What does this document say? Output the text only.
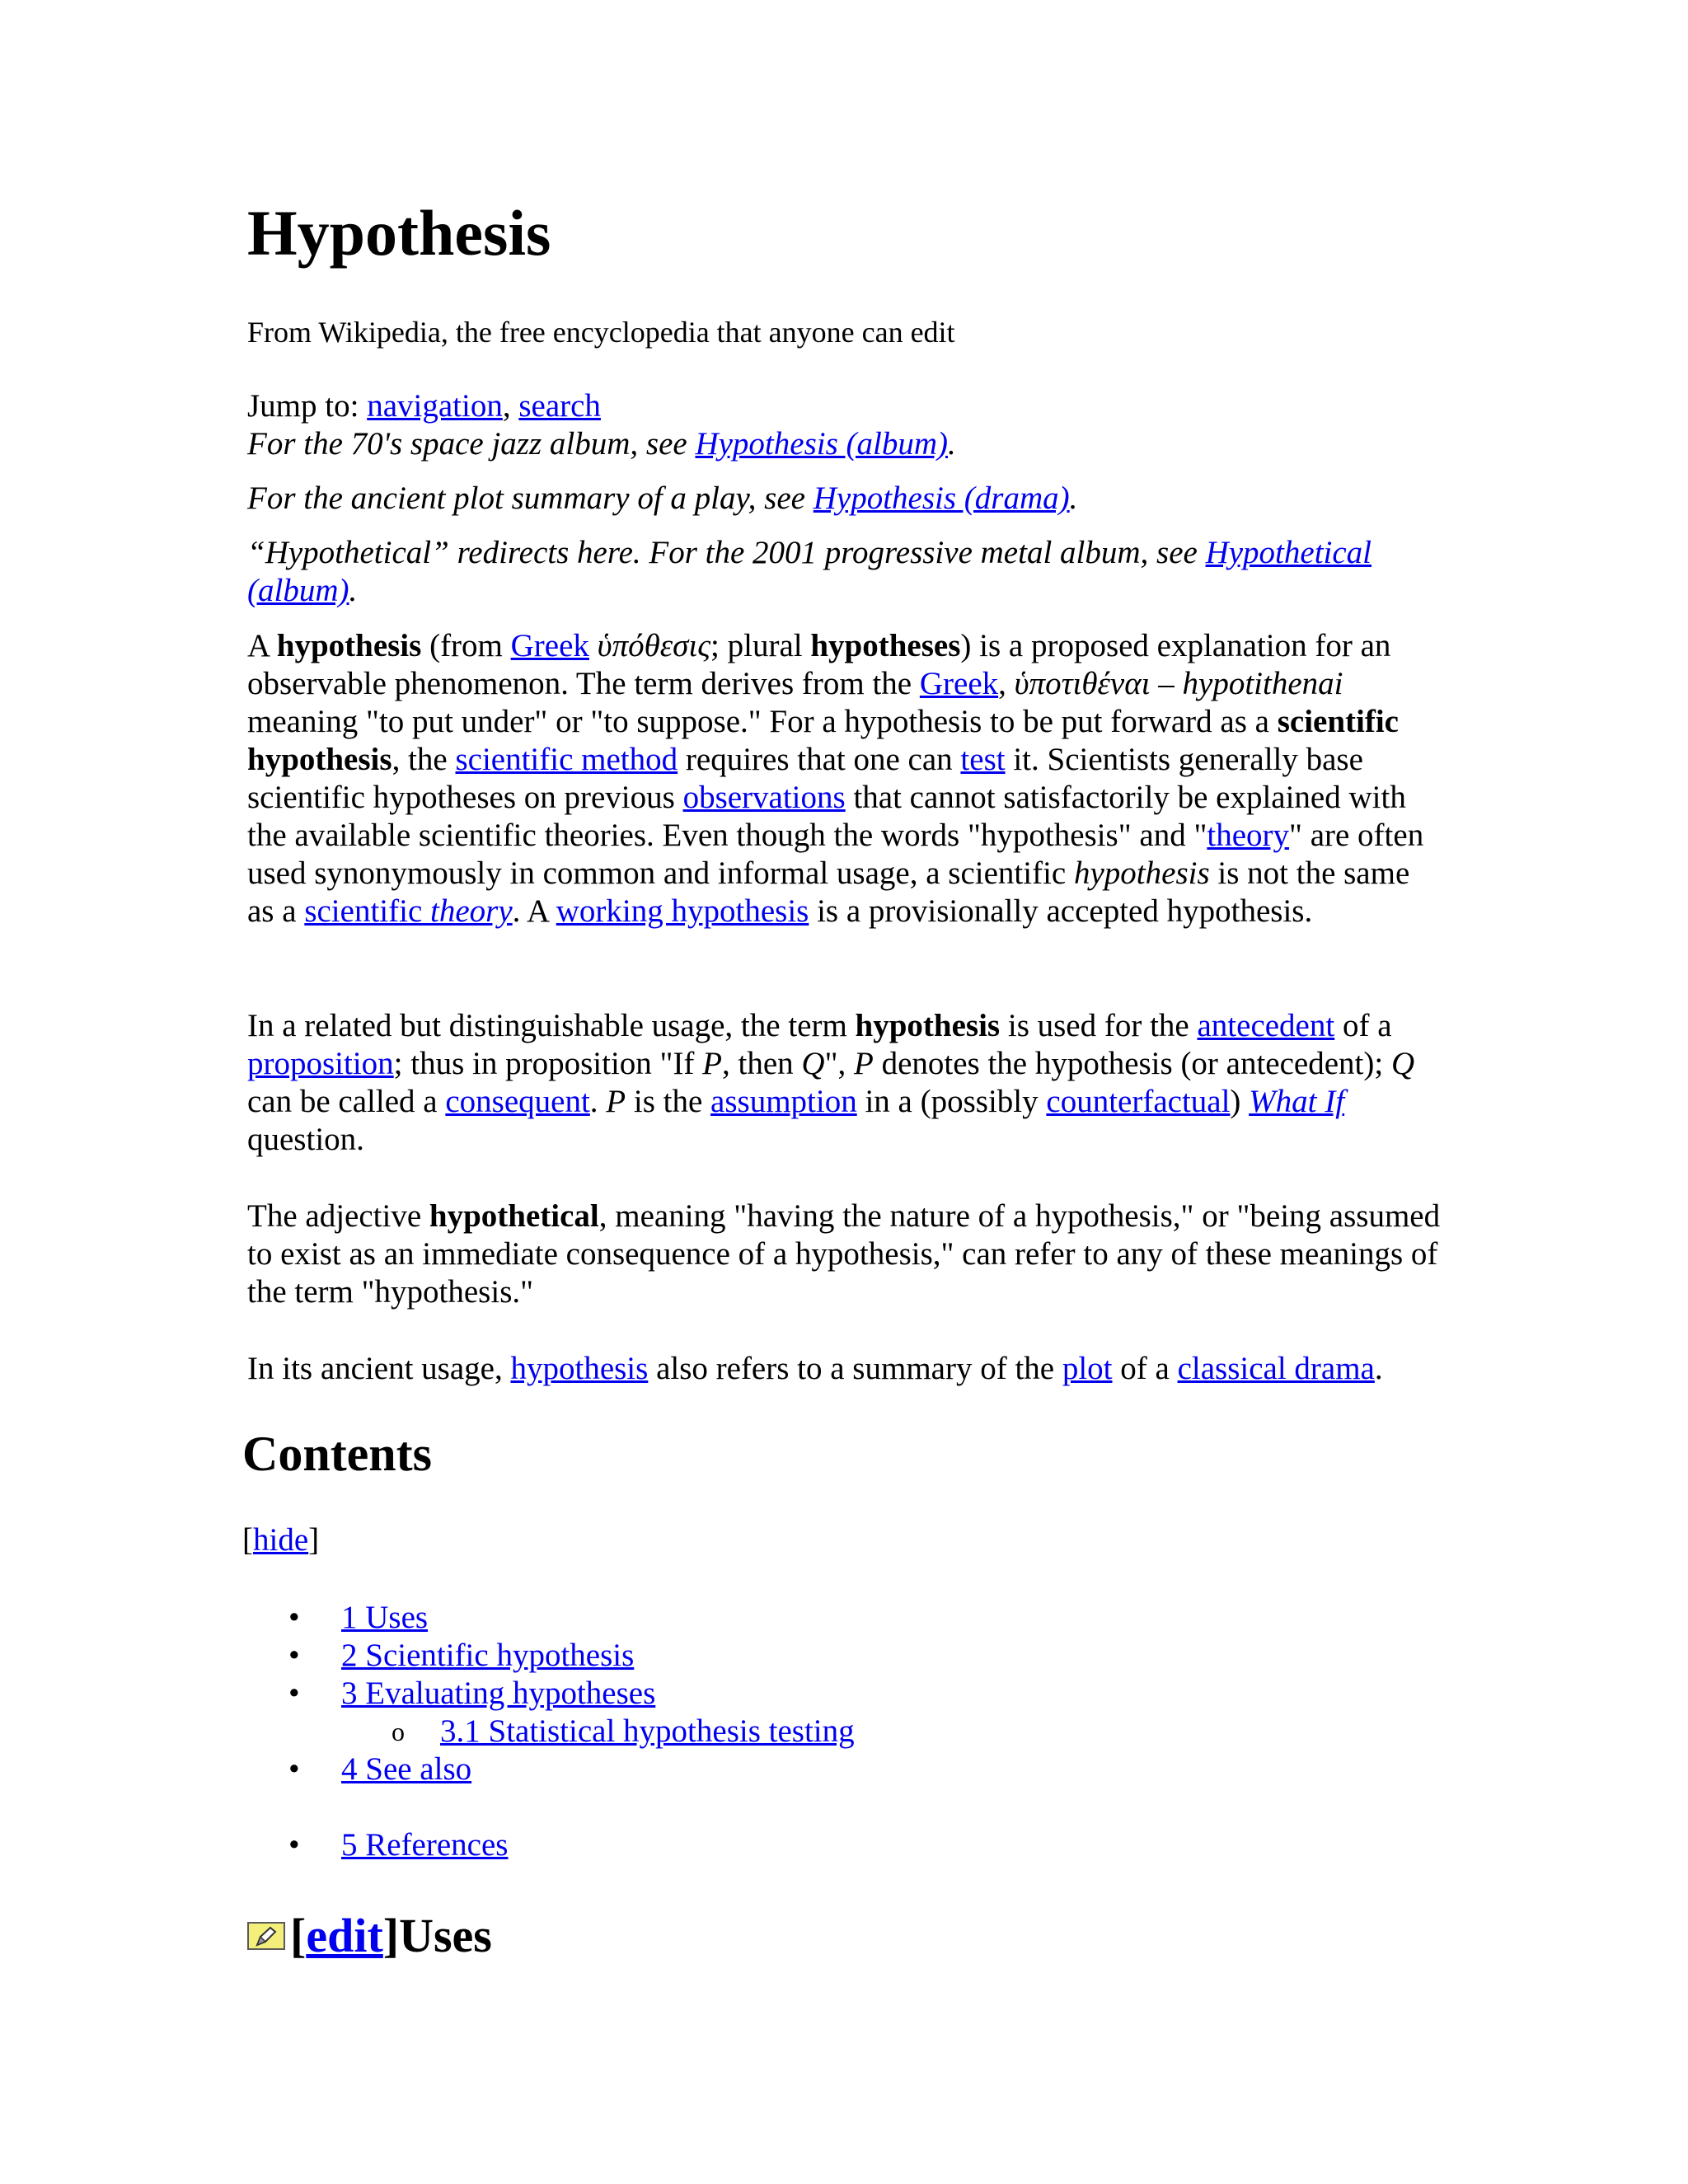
Hypothesis

From Wikipedia, the free encyclopedia that anyone can edit

Jump to: navigation, search

For the 70's space jazz album, see Hypothesis (album).

For the ancient plot summary of a play, see Hypothesis (drama).

“Hypothetical” redirects here. For the 2001 progressive metal album, see Hypothetical (album).

A hypothesis (from Greek ὑπόθεσις; plural hypotheses) is a proposed explanation for an observable phenomenon. The term derives from the Greek, ὑποτιθέναι – hypotithenai meaning "to put under" or "to suppose." For a hypothesis to be put forward as a scientific hypothesis, the scientific method requires that one can test it. Scientists generally base scientific hypotheses on previous observations that cannot satisfactorily be explained with the available scientific theories. Even though the words "hypothesis" and "theory" are often used synonymously in common and informal usage, a scientific hypothesis is not the same as a scientific theory. A working hypothesis is a provisionally accepted hypothesis.

In a related but distinguishable usage, the term hypothesis is used for the antecedent of a proposition; thus in proposition "If P, then Q", P denotes the hypothesis (or antecedent); Q can be called a consequent. P is the assumption in a (possibly counterfactual) What If question.

The adjective hypothetical, meaning "having the nature of a hypothesis," or "being assumed to exist as an immediate consequence of a hypothesis," can refer to any of these meanings of the term "hypothesis."

In its ancient usage, hypothesis also refers to a summary of the plot of a classical drama.

Contents
[hide]
• 1 Uses
• 2 Scientific hypothesis
• 3 Evaluating hypotheses
o 3.1 Statistical hypothesis testing
• 4 See also
• 5 References
[ edit ] Uses
